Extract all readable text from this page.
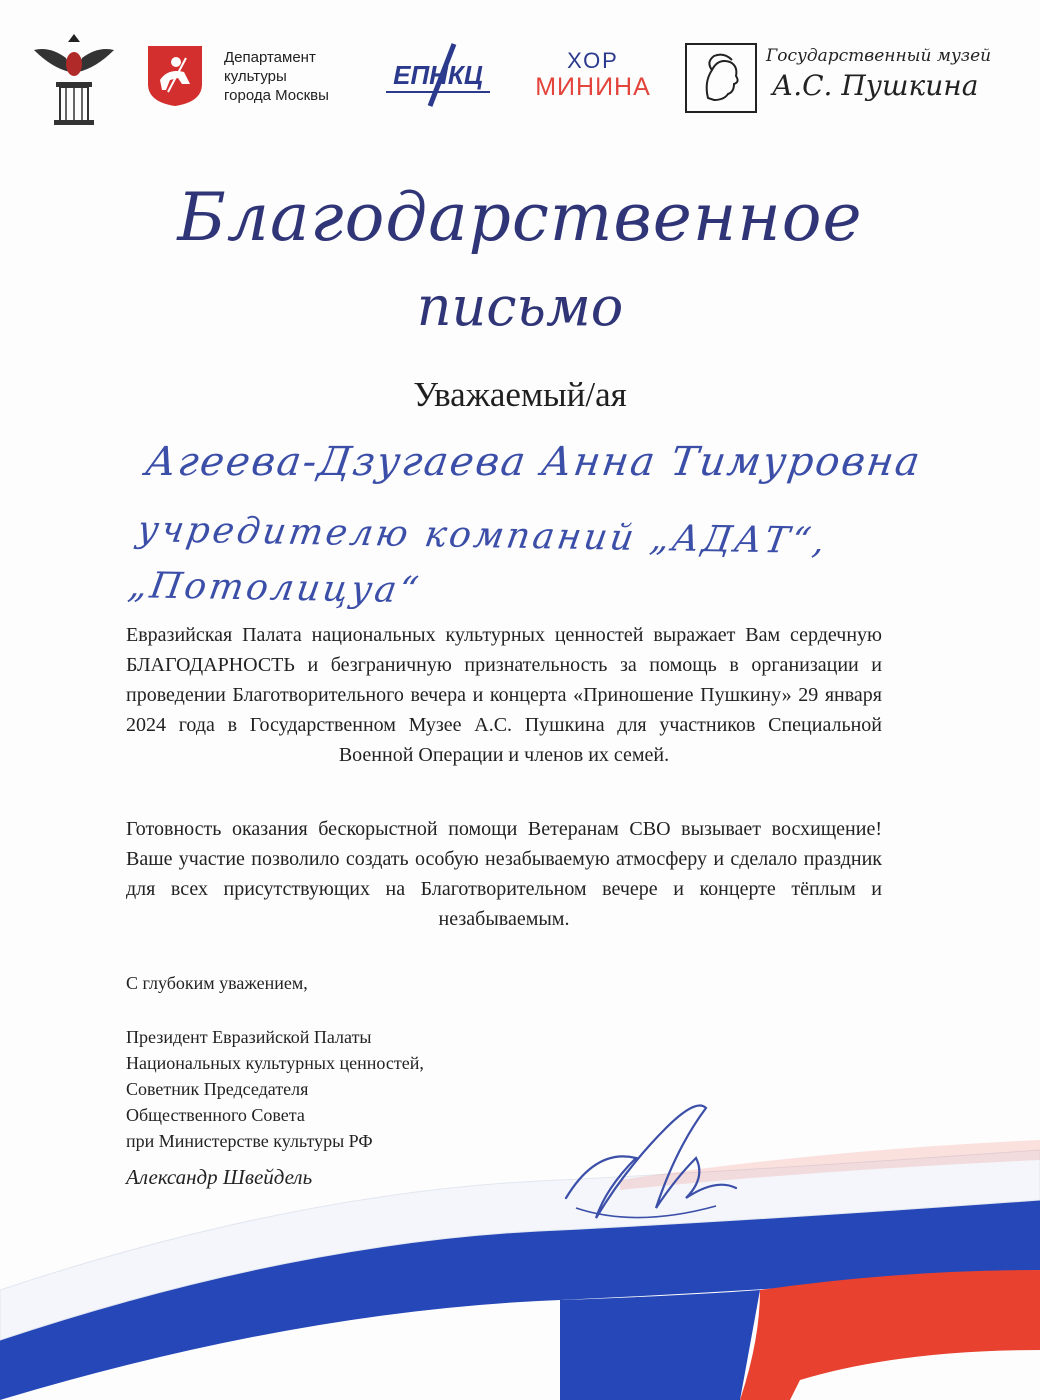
Департамент
культуры
города Москвы
ЕПНКЦ	ХОР
МИНИНА
Государственный музей
А.С. Пушкина
Благодарственное
письмо
Уважаемый/ая
Агеева-Дзугаева Анна Тимуровна
учредителю компаний „АДАТ“, „Потолицуа“
Евразийская Палата национальных культурных ценностей выражает Вам сердечную БЛАГОДАРНОСТЬ и безграничную признательность за помощь в организации и проведении Благотворительного вечера и концерта «Приношение Пушкину» 29 января 2024 года в Государственном Музее А.С. Пушкина для участников Специальной Военной Операции и членов их семей.
Готовность оказания бескорыстной помощи Ветеранам СВО вызывает восхищение! Ваше участие позволило создать особую незабываемую атмосферу и сделало праздник для всех присутствующих на Благотворительном вечере и концерте тёплым и незабываемым.
С глубоким уважением,
Президент Евразийской Палаты
Национальных культурных ценностей,
Советник Председателя
Общественного Совета
при Министерстве культуры РФ
Александр Швейдель
